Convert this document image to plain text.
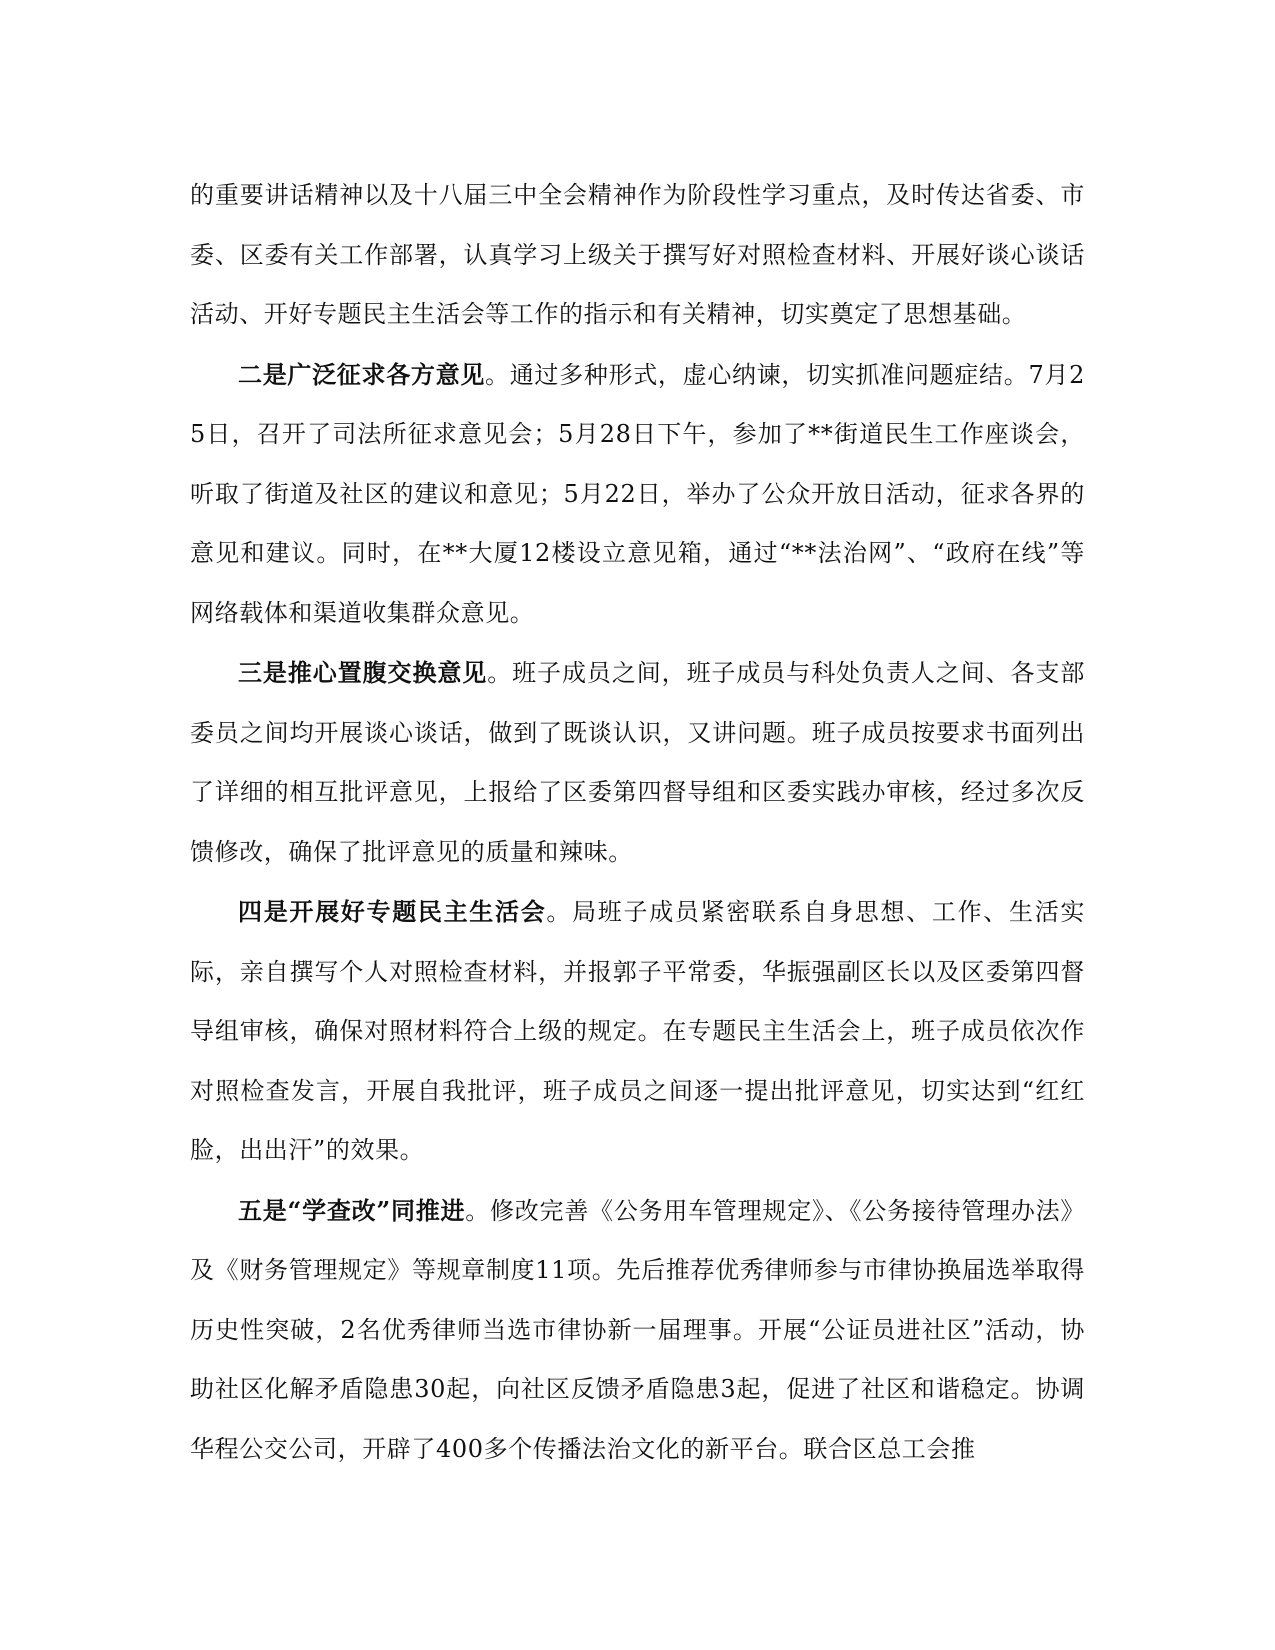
的重要讲话精神以及十八届三中全会精神作为阶段性学习重点，及时传达省委、市委、区委有关工作部署，认真学习上级关于撰写好对照检查材料、开展好谈心谈话活动、开好专题民主生活会等工作的指示和有关精神，切实奠定了思想基础。

二是广泛征求各方意见。通过多种形式，虚心纳谏，切实抓准问题症结。7月25日，召开了司法所征求意见会；5月28日下午，参加了**街道民生工作座谈会，听取了街道及社区的建议和意见；5月22日，举办了公众开放日活动，征求各界的意见和建议。同时，在**大厦12楼设立意见箱，通过“**法治网”、“政府在线”等网络载体和渠道收集群众意见。

三是推心置腹交换意见。班子成员之间，班子成员与科处负责人之间、各支部委员之间均开展谈心谈话，做到了既谈认识，又讲问题。班子成员按要求书面列出了详细的相互批评意见，上报给了区委第四督导组和区委实践办审核，经过多次反馈修改，确保了批评意见的质量和辣味。

四是开展好专题民主生活会。局班子成员紧密联系自身思想、工作、生活实际，亲自撰写个人对照检查材料，并报郭子平常委，华振强副区长以及区委第四督导组审核，确保对照材料符合上级的规定。在专题民主生活会上，班子成员依次作对照检查发言，开展自我批评，班子成员之间逐一提出批评意见，切实达到“红红脸，出出汗”的效果。

五是“学查改”同推进。修改完善《公务用车管理规定》、《公务接待管理办法》及《财务管理规定》等规章制度11项。先后推荐优秀律师参与市律协换届选举取得历史性突破，2名优秀律师当选市律协新一届理事。开展“公证员进社区”活动，协助社区化解矛盾隐患30起，向社区反馈矛盾隐患3起，促进了社区和谐稳定。协调华程公交公司，开辟了400多个传播法治文化的新平台。联合区总工会推
